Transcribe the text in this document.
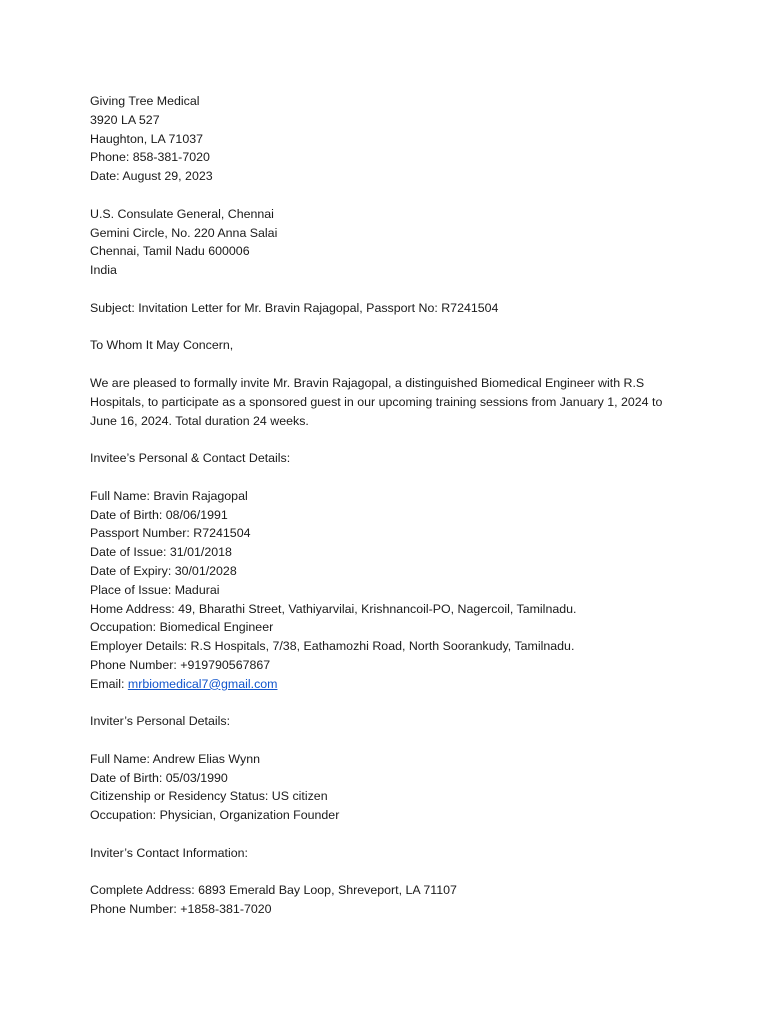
Giving Tree Medical
3920 LA 527
Haughton, LA 71037
Phone: 858-381-7020
Date: August 29, 2023
U.S. Consulate General, Chennai
Gemini Circle, No. 220 Anna Salai
Chennai, Tamil Nadu 600006
India
Subject: Invitation Letter for Mr. Bravin Rajagopal, Passport No: R7241504
To Whom It May Concern,
We are pleased to formally invite Mr. Bravin Rajagopal, a distinguished Biomedical Engineer with R.S
Hospitals, to participate as a sponsored guest in our upcoming training sessions from January 1, 2024 to
June 16, 2024. Total duration 24 weeks.
Invitee’s Personal & Contact Details:
Full Name: Bravin Rajagopal
Date of Birth: 08/06/1991
Passport Number: R7241504
Date of Issue: 31/01/2018
Date of Expiry: 30/01/2028
Place of Issue: Madurai
Home Address: 49, Bharathi Street, Vathiyarvilai, Krishnancoil-PO, Nagercoil, Tamilnadu.
Occupation: Biomedical Engineer
Employer Details: R.S Hospitals, 7/38, Eathamozhi Road, North Soorankudy, Tamilnadu.
Phone Number: +919790567867
Email: mrbiomedical7@gmail.com
Inviter’s Personal Details:
Full Name: Andrew Elias Wynn
Date of Birth: 05/03/1990
Citizenship or Residency Status: US citizen
Occupation: Physician, Organization Founder
Inviter’s Contact Information:
Complete Address: 6893 Emerald Bay Loop, Shreveport, LA 71107
Phone Number: +1858-381-7020
